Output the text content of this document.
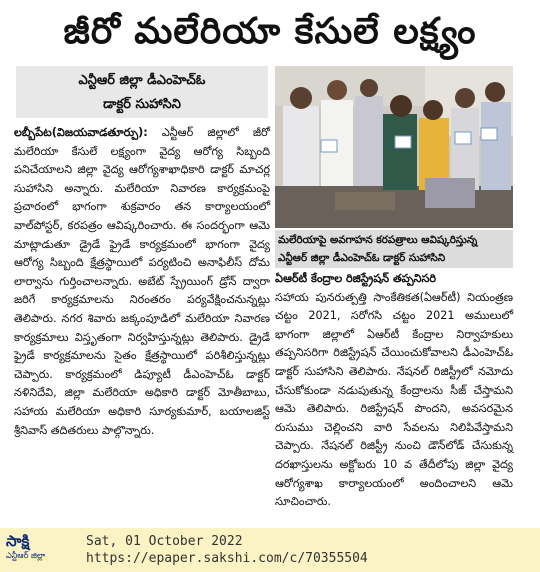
జీరో మలేరియా కేసులే లక్ష్యం
ఎన్టీఆర్ జిల్లా డీఎంహెచ్ఓ
డాక్టర్ సుహాసిని

లబ్బీపేట(విజయవాడతూర్పు): ఎన్టీఆర్ జిల్లాలో జీరో మలేరియా కేసులే లక్ష్యంగా వైద్య ఆరోగ్య సిబ్బంది పనిచేయాలని జిల్లా వైద్య ఆరోగ్యశాఖాధికారి డాక్టర్ మాచర్ల సుహాసిని అన్నారు. మలేరియా నివారణ కార్యక్రమంపై ప్రచారంలో భాగంగా శుక్రవారం తన కార్యాలయంలో వాల్‌పోస్టర్, కరపత్రం ఆవిష్కరించారు. ఈ సందర్భంగా ఆమె మాట్లాడుతూ డ్రైడే ఫ్రైడే కార్యక్రమంలో భాగంగా వైద్య ఆరోగ్య సిబ్బంది క్షేత్రస్థాయిలో పర్యటించి అనాఫిలీస్ దోమ లార్వాను గుర్తించాలన్నారు. అబేట్ స్ప్రేయింగ్ డ్రోన్ ద్వారా జరిగే కార్యక్రమాలను నిరంతరం పర్యవేక్షించనున్నట్లు తెలిపారు. నగర శివారు జక్కంపూడిలో మలేరియా నివారణ కార్యక్రమాలు విస్తృతంగా నిర్వహిస్తున్నట్లు తెలిపారు. డ్రైడే ఫ్రైడే కార్యక్రమాలను సైతం క్షేత్రస్థాయిలో పరిశీలిస్తున్నట్లు చెప్పారు. కార్యక్రమంలో డిప్యూటీ డీఎంహెచ్ఓ డాక్టర్ నళినిదేవి, జిల్లా మలేరియా అధికారి డాక్టర్ మోతీబాబు, సహాయ మలేరియా అధికారి సూర్యకుమార్, బయాలజిస్ట్ శ్రీనివాస్ తదితరులు పాల్గొన్నారు.

మలేరియాపై అవగాహన కరపత్రాలు ఆవిష్కరిస్తున్న
ఎన్టీఆర్ జిల్లా డీఎంహెచ్ఓ డాక్టర్ సుహాసిని

ఏఆర్‌టీ కేంద్రాల రిజిస్ట్రేషన్ తప్పనిసరి

సహాయ పునరుత్పత్తి సాంకేతికత(ఏఆర్‌టీ) నియంత్రణ చట్టం 2021, సరోగసి చట్టం 2021 అములులో భాగంగా జిల్లాలో ఏఆర్‌టీ కేంద్రాల నిర్వాహకులు తప్పనిసరిగా రిజిస్ట్రేషన్ చేయించుకోవాలని డీఎంహెచ్ఓ డాక్టర్ సుహాసిని తెలిపారు. నేషనల్ రిజిస్ట్రీలో నమోదు చేసుకోకుండా నడుపుతున్న కేంద్రాలను సీజ్ చేస్తామని ఆమె తెలిపారు. రిజిస్ట్రేషన్ పొందని, అవసరమైన రుసుము చెల్లించని వారి సేవలను నిలిపివేస్తామని చెప్పారు. నేషనల్ రిజిస్ట్రీ నుంచి డౌన్‌లోడ్ చేసుకున్న దరఖాస్తులను అక్టోబరు 10 వ తేదీలోపు జిల్లా వైద్య ఆరోగ్యశాఖ కార్యాలయంలో అందించాలని ఆమె సూచించారు.

సాక్షి
ఎన్టీఆర్ జిల్లా
Sat, 01 October 2022
https://epaper.sakshi.com/c/70355504
